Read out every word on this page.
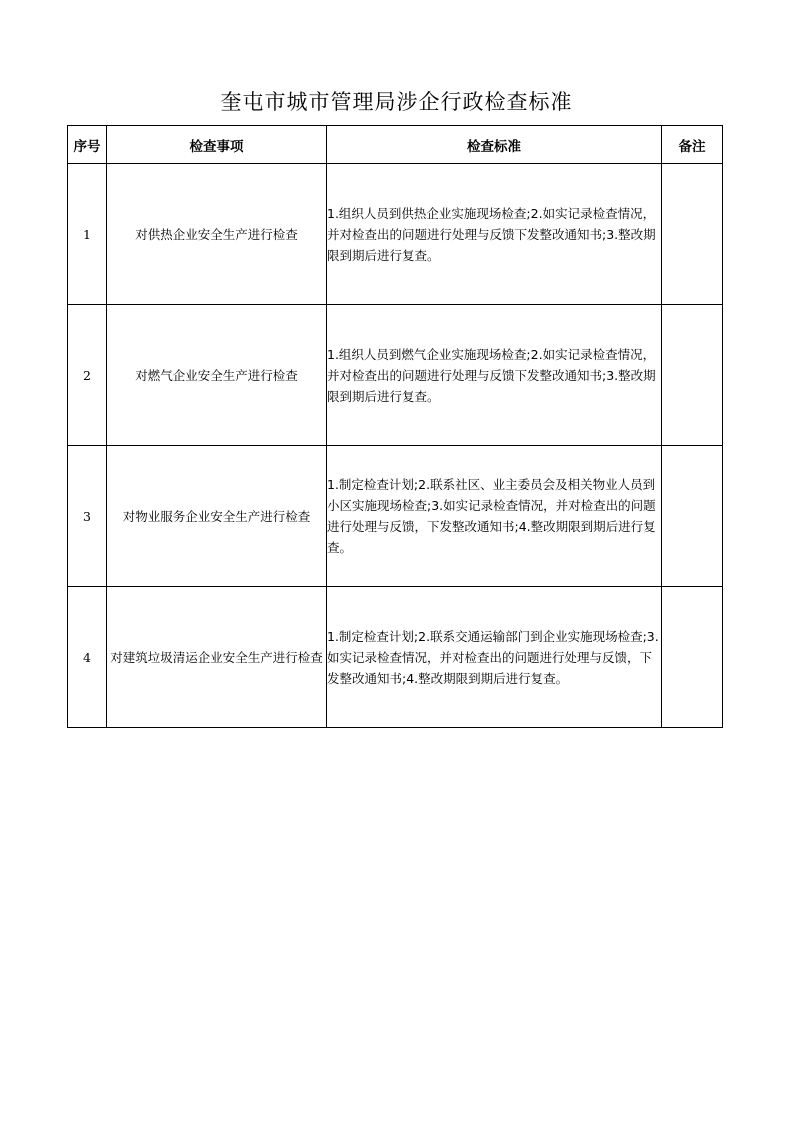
奎屯市城市管理局涉企行政检查标准
序号	检查事项	检查标准	备注
1	对供热企业安全生产进行检查	1.组织人员到供热企业实施现场检查;2.如实记录检查情况，并对检查出的问题进行处理与反馈下发整改通知书;3.整改期限到期后进行复查。	
2	对燃气企业安全生产进行检查	1.组织人员到燃气企业实施现场检查;2.如实记录检查情况，并对检查出的问题进行处理与反馈下发整改通知书;3.整改期限到期后进行复查。	
3	对物业服务企业安全生产进行检查	1.制定检查计划;2.联系社区、业主委员会及相关物业人员到小区实施现场检查;3.如实记录检查情况，并对检查出的问题进行处理与反馈，下发整改通知书;4.整改期限到期后进行复查。	
4	对建筑垃圾清运企业安全生产进行检查	1.制定检查计划;2.联系交通运输部门到企业实施现场检查;3.如实记录检查情况，并对检查出的问题进行处理与反馈，下发整改通知书;4.整改期限到期后进行复查。	
